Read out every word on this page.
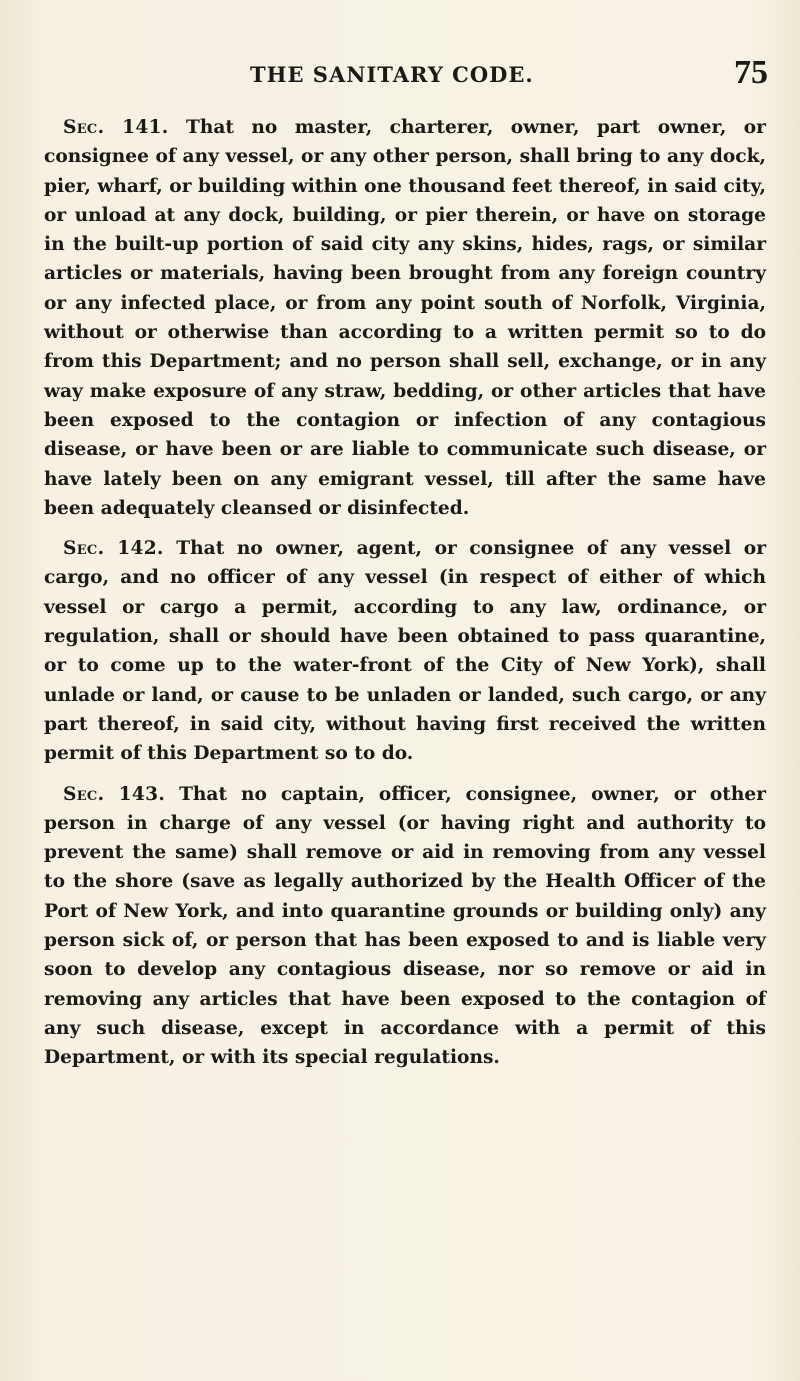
THE SANITARY CODE.	75

Sec. 141. That no master, charterer, owner, part owner, or consignee of any vessel, or any other person, shall bring to any dock, pier, wharf, or building within one thousand feet thereof, in said city, or unload at any dock, building, or pier therein, or have on storage in the built-up portion of said city any skins, hides, rags, or similar articles or materials, having been brought from any foreign country or any infected place, or from any point south of Norfolk, Virginia, without or otherwise than according to a written permit so to do from this Department; and no person shall sell, exchange, or in any way make exposure of any straw, bedding, or other articles that have been exposed to the contagion or infection of any contagious disease, or have been or are liable to communicate such disease, or have lately been on any emigrant vessel, till after the same have been adequately cleansed or disinfected.

Sec. 142. That no owner, agent, or consignee of any vessel or cargo, and no officer of any vessel (in respect of either of which vessel or cargo a permit, according to any law, ordinance, or regulation, shall or should have been obtained to pass quarantine, or to come up to the water-front of the City of New York), shall unlade or land, or cause to be unladen or landed, such cargo, or any part thereof, in said city, without having first received the written permit of this Department so to do.

Sec. 143. That no captain, officer, consignee, owner, or other person in charge of any vessel (or having right and authority to prevent the same) shall remove or aid in removing from any vessel to the shore (save as legally authorized by the Health Officer of the Port of New York, and into quarantine grounds or building only) any person sick of, or person that has been exposed to and is liable very soon to develop any contagious disease, nor so remove or aid in removing any articles that have been exposed to the contagion of any such disease, except in accordance with a permit of this Department, or with its special regulations.
